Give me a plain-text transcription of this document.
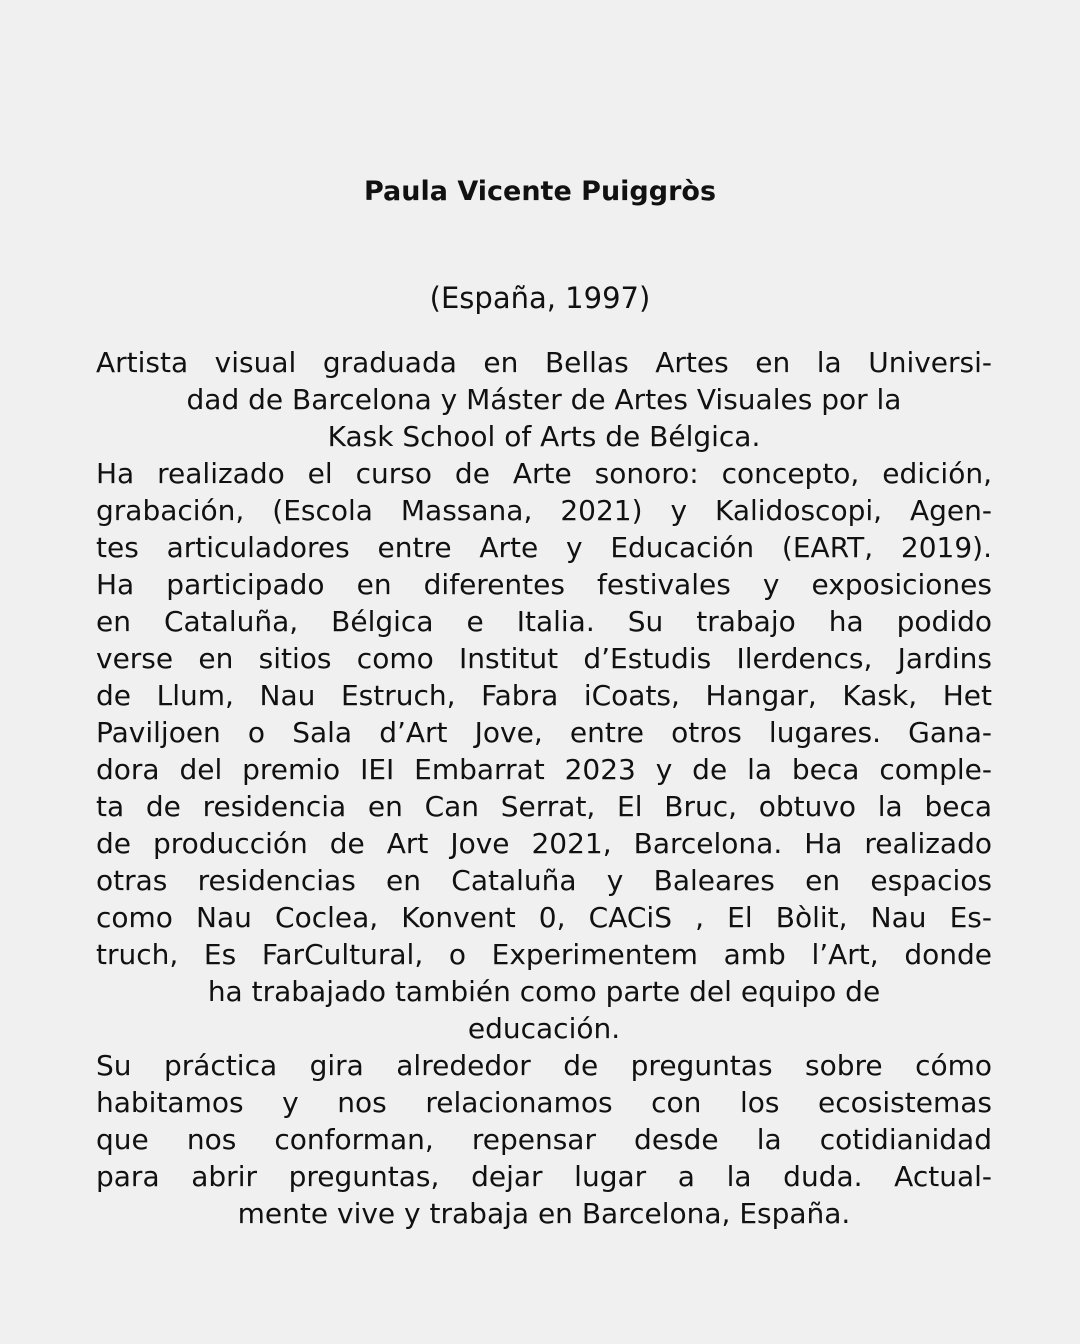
Paula Vicente Puiggròs

(España, 1997)

Artista visual graduada en Bellas Artes en la Universi-
dad de Barcelona y Máster de Artes Visuales por la
Kask School of Arts de Bélgica.
Ha realizado el curso de Arte sonoro: concepto, edición,
grabación, (Escola Massana, 2021) y Kalidoscopi, Agen-
tes articuladores entre Arte y Educación (EART, 2019).
Ha participado en diferentes festivales y exposiciones
en Cataluña, Bélgica e Italia. Su trabajo ha podido
verse en sitios como Institut d’Estudis Ilerdencs, Jardins
de Llum, Nau Estruch, Fabra iCoats, Hangar, Kask, Het
Paviljoen o Sala d’Art Jove, entre otros lugares. Gana-
dora del premio IEI Embarrat 2023 y de la beca comple-
ta de residencia en Can Serrat, El Bruc, obtuvo la beca
de producción de Art Jove 2021, Barcelona. Ha realizado
otras residencias en Cataluña y Baleares en espacios
como Nau Coclea, Konvent 0, CACiS , El Bòlit, Nau Es-
truch, Es FarCultural, o Experimentem amb l’Art, donde
ha trabajado también como parte del equipo de
educación.
Su práctica gira alrededor de preguntas sobre cómo
habitamos y nos relacionamos con los ecosistemas
que nos conforman, repensar desde la cotidianidad
para abrir preguntas, dejar lugar a la duda. Actual-
mente vive y trabaja en Barcelona, España.
